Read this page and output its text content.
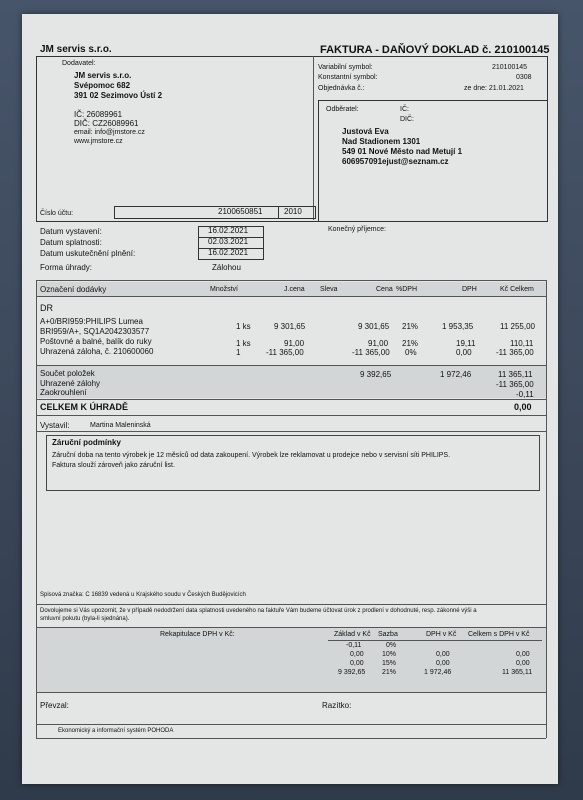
JM servis s.r.o.	FAKTURA - DAŇOVÝ DOKLAD č. 210100145
Dodavatel:
JM servis s.r.o.
Svépomoc 682
391 02 Sezimovo Ústí 2
IČ: 26089961
DIČ: CZ26089961
email: info@jmstore.cz
www.jmstore.cz
Variabilní symbol:	210100145
Konstantní symbol:	0308
Objednávka č.:	ze dne: 21.01.2021
Odběratel:	IČ:
DIČ:
Justová Eva
Nad Stadionem 1301
549 01 Nové Město nad Metují 1
606957091ejust@seznam.cz
Číslo účtu:	2100650851	2010
Datum vystavení:	16.02.2021
Datum splatnosti:	02.03.2021
Datum uskutečnění plnění:	16.02.2021
Forma úhrady:	Zálohou
Konečný příjemce:
Označení dodávky	Množství	J.cena Sleva	Cena %DPH	DPH	Kč Celkem
DR
A+0/BRI959:PHILIPS Lumea
BRI959/A+, SQ1A2042303577
1 ks	9 301,65	9 301,65 21%	1 953,35	11 255,00
Poštovné a balné, balík do ruky	1 ks	91,00	91,00 21%	19,11	110,11
Uhrazená záloha, č. 210600060	1	-11 365,00	-11 365,00 0%	0,00	-11 365,00
Součet položek	9 392,65	1 972,46	11 365,11
Uhrazené zálohy	-11 365,00
Zaokrouhlení	-0,11
CELKEM K ÚHRADĚ	0,00
Vystavil:	Martina Maleninská
Záruční podmínky
Záruční doba na tento výrobek je 12 měsíců od data zakoupení. Výrobek lze reklamovat u prodejce nebo v servisní síti PHILIPS.
Faktura slouží zároveň jako záruční list.
Spisová značka: C 16839 vedená u Krajského soudu v Českých Budějovicích
Dovolujeme si Vás upozornit, že v případě nedodržení data splatnosti uvedeného na faktuře Vám budeme účtovat úrok z prodlení v dohodnuté, resp. zákonné výši a
smluvní pokutu (byla-li sjednána).
Rekapitulace DPH v Kč:	Základ v Kč Sazba	DPH v Kč Celkem s DPH v Kč
-0,11	0%
0,00	10%	0,00	0,00
0,00	15%	0,00	0,00
9 392,65 21%	1 972,46	11 365,11
Převzal:	Razítko:
Ekonomický a informační systém POHODA
